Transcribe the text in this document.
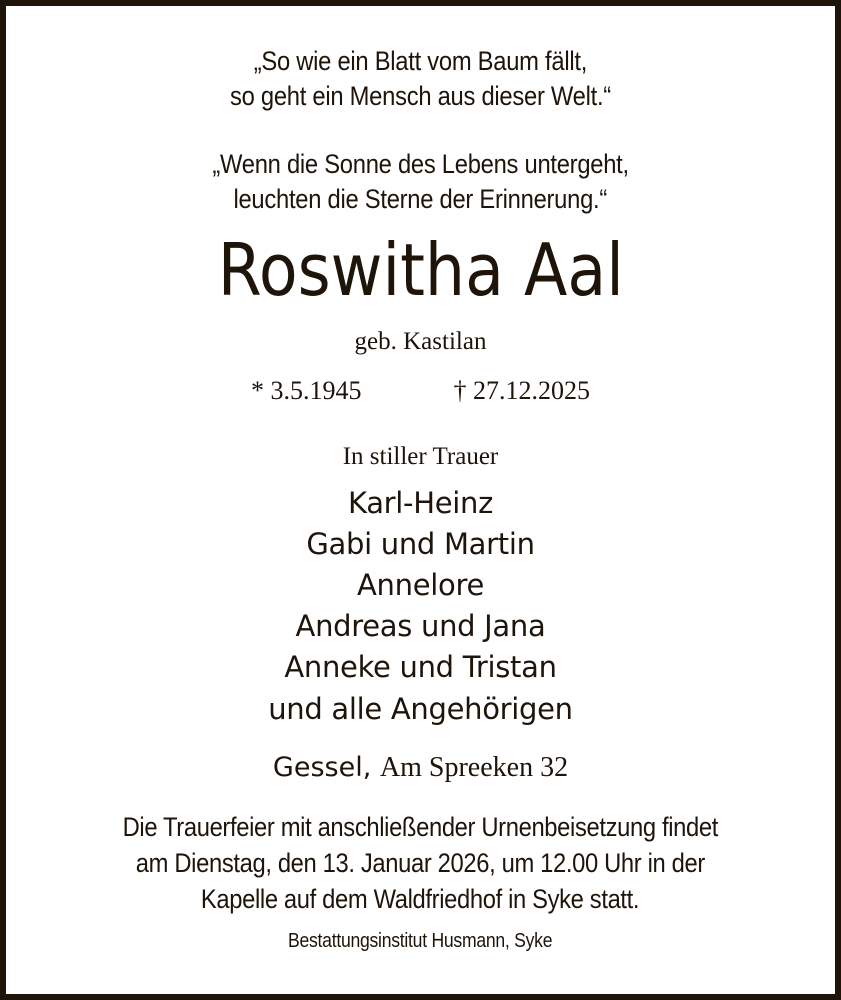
„So wie ein Blatt vom Baum fällt,
so geht ein Mensch aus dieser Welt.“
„Wenn die Sonne des Lebens untergeht,
leuchten die Sterne der Erinnerung.“
Roswitha Aal
geb. Kastilan
* 3.5.1945	† 27.12.2025
In stiller Trauer
Karl-Heinz
Gabi und Martin
Annelore
Andreas und Jana
Anneke und Tristan
und alle Angehörigen
Gessel, Am Spreeken 32
Die Trauerfeier mit anschließender Urnenbeisetzung findet
am Dienstag, den 13. Januar 2026, um 12.00 Uhr in der
Kapelle auf dem Waldfriedhof in Syke statt.
Bestattungsinstitut Husmann, Syke
